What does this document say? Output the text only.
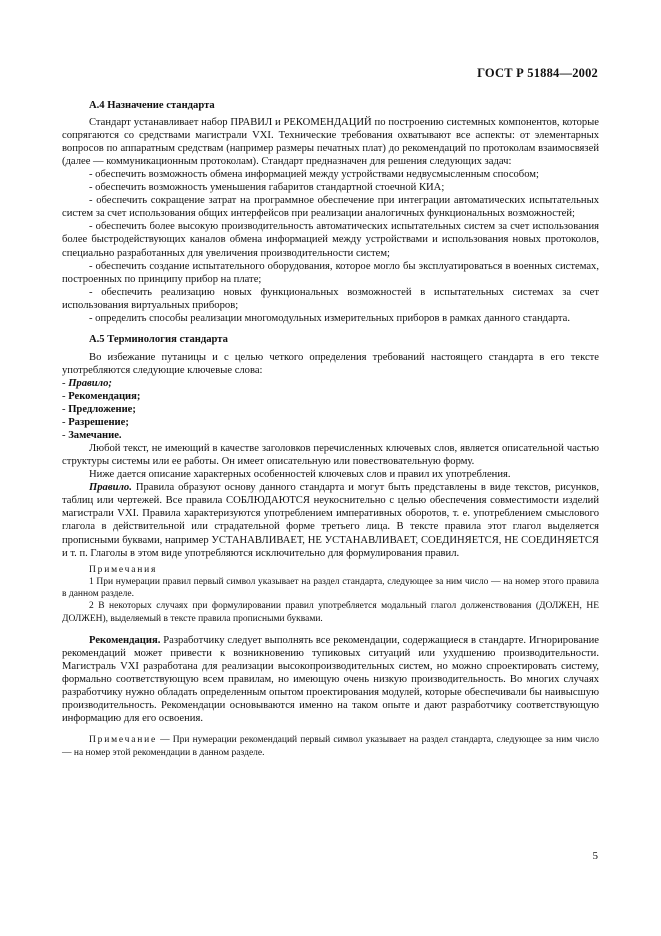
ГОСТ Р 51884—2002

А.4 Назначение стандарта

Стандарт устанавливает набор ПРАВИЛ и РЕКОМЕНДАЦИЙ по построению системных компонентов, которые сопрягаются со средствами магистрали VXI. Технические требования охватывают все аспекты: от элементарных вопросов по аппаратным средствам (например размеры печатных плат) до рекомендаций по протоколам взаимосвязей (далее — коммуникационным протоколам). Стандарт предназначен для решения следующих задач:

- обеспечить возможность обмена информацией между устройствами недвусмысленным способом;

- обеспечить возможность уменьшения габаритов стандартной стоечной КИА;

- обеспечить сокращение затрат на программное обеспечение при интеграции автоматических испытательных систем за счет использования общих интерфейсов при реализации аналогичных функциональных возможностей;

- обеспечить более высокую производительность автоматических испытательных систем за счет использования более быстродействующих каналов обмена информацией между устройствами и использования новых протоколов, специально разработанных для увеличения производительности систем;

- обеспечить создание испытательного оборудования, которое могло бы эксплуатироваться в военных системах, построенных по принципу прибор на плате;

- обеспечить реализацию новых функциональных возможностей в испытательных системах за счет использования виртуальных приборов;

- определить способы реализации многомодульных измерительных приборов в рамках данного стандарта.

А.5 Терминология стандарта

Во избежание путаницы и с целью четкого определения требований настоящего стандарта в его тексте употребляются следующие ключевые слова:

- Правило;

- Рекомендация;

- Предложение;

- Разрешение;

- Замечание.

Любой текст, не имеющий в качестве заголовков перечисленных ключевых слов, является описательной частью структуры системы или ее работы. Он имеет описательную или повествовательную форму.

Ниже дается описание характерных особенностей ключевых слов и правил их употребления.

Правило. Правила образуют основу данного стандарта и могут быть представлены в виде текстов, рисунков, таблиц или чертежей. Все правила СОБЛЮДАЮТСЯ неукоснительно с целью обеспечения совместимости изделий магистрали VXI. Правила характеризуются употреблением императивных оборотов, т. е. употреблением смыслового глагола в действительной или страдательной форме третьего лица. В тексте правила этот глагол выделяется прописными буквами, например УСТАНАВЛИВАЕТ, НЕ УСТАНАВЛИВАЕТ, СОЕДИНЯЕТСЯ, НЕ СОЕДИНЯЕТСЯ и т. п. Глаголы в этом виде употребляются исключительно для формулирования правил.

Примечания

1 При нумерации правил первый символ указывает на раздел стандарта, следующее за ним число — на номер этого правила в данном разделе.

2 В некоторых случаях при формулировании правил употребляется модальный глагол долженствования (ДОЛЖЕН, НЕ ДОЛЖЕН), выделяемый в тексте правила прописными буквами.

Рекомендация. Разработчику следует выполнять все рекомендации, содержащиеся в стандарте. Игнорирование рекомендаций может привести к возникновению тупиковых ситуаций или ухудшению производительности. Магистраль VXI разработана для реализации высокопроизводительных систем, но можно спроектировать систему, формально соответствующую всем правилам, но имеющую очень низкую производительность. Во многих случаях разработчику нужно обладать определенным опытом проектирования модулей, которые обеспечивали бы наивысшую производительность. Рекомендации основываются именно на таком опыте и дают разработчику соответствующую информацию для его освоения.

Примечание — При нумерации рекомендаций первый символ указывает на раздел стандарта, следующее за ним число — на номер этой рекомендации в данном разделе.

5
